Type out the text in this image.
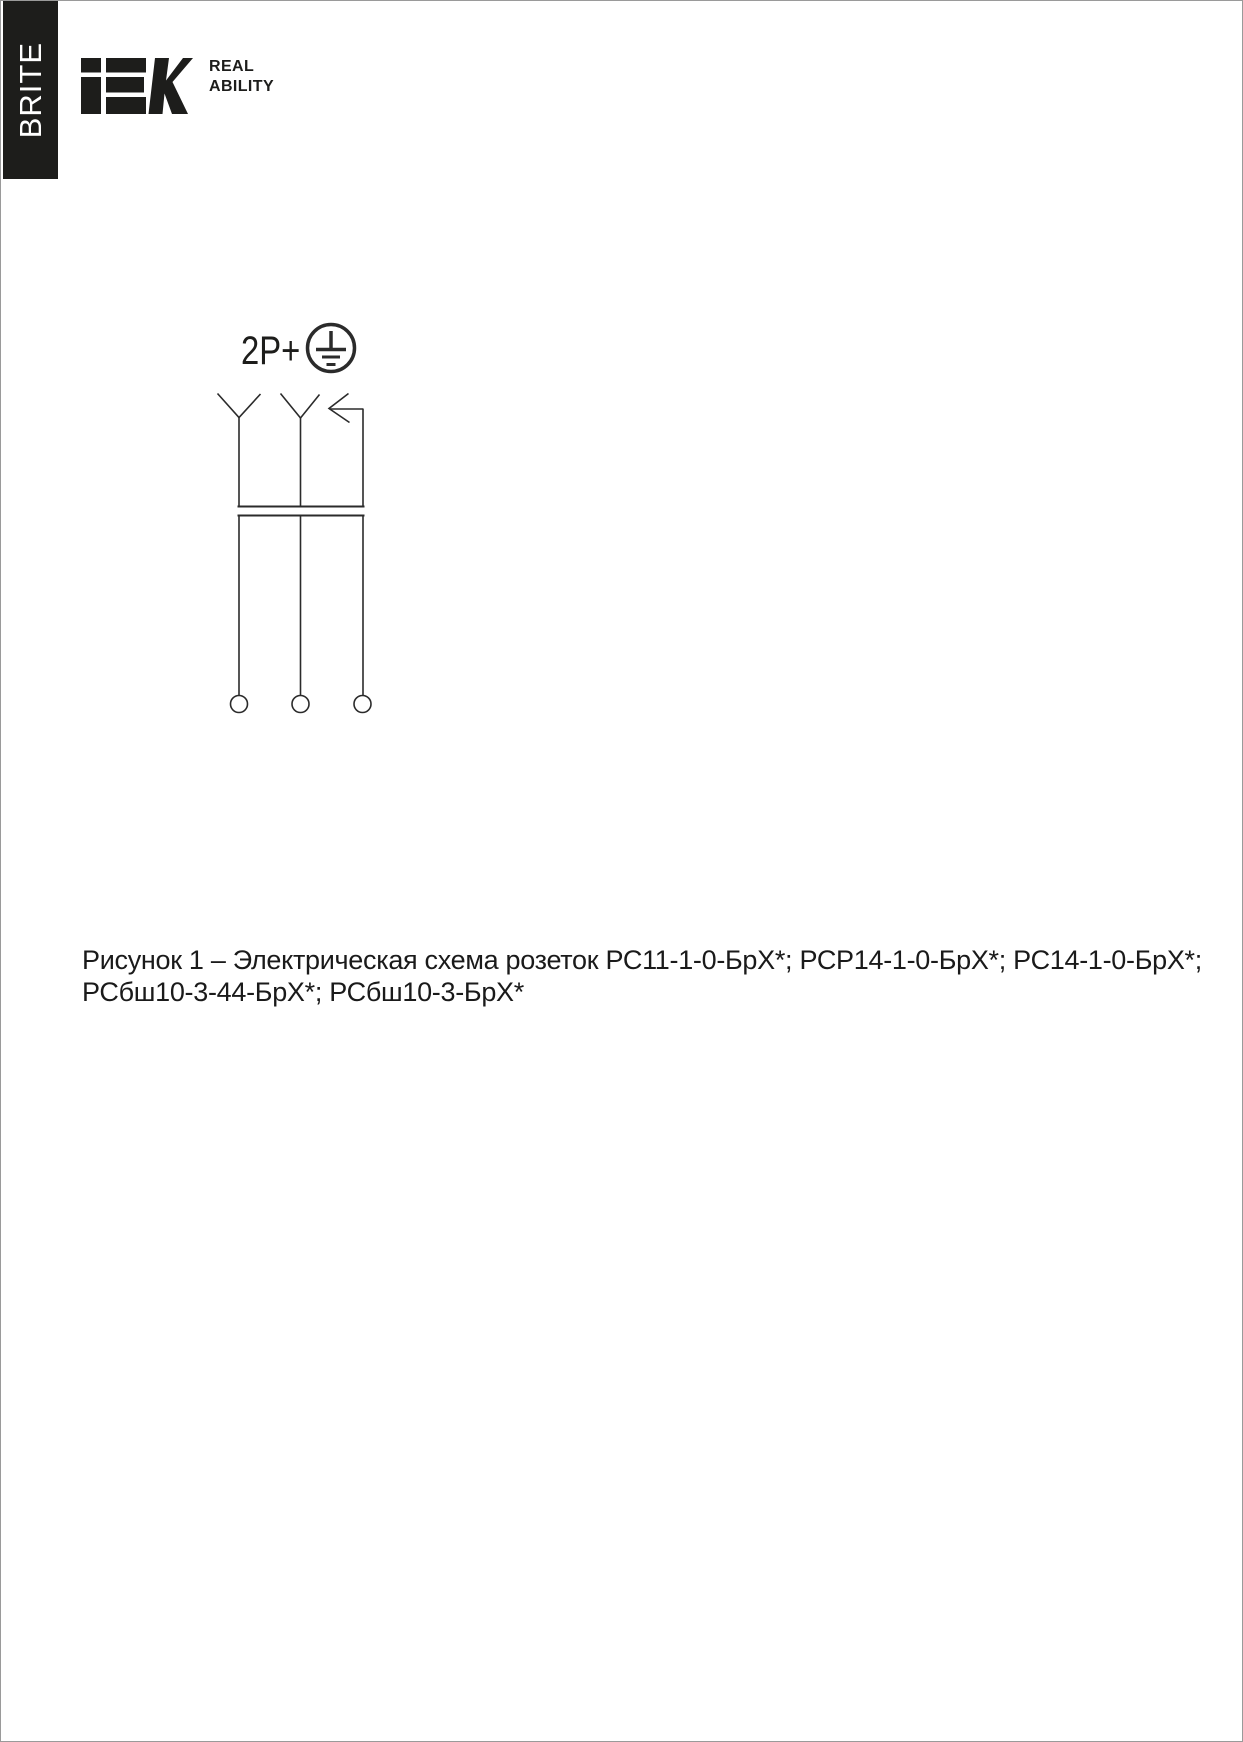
BRITE	REAL
ABILITY
2P+
Рисунок 1 – Электрическая схема розеток РС11-1-0-БрХ*; РСР14-1-0-БрХ*; РС14-1-0-БрХ*;
РСбш10-3-44-БрХ*; РСбш10-3-БрХ*
